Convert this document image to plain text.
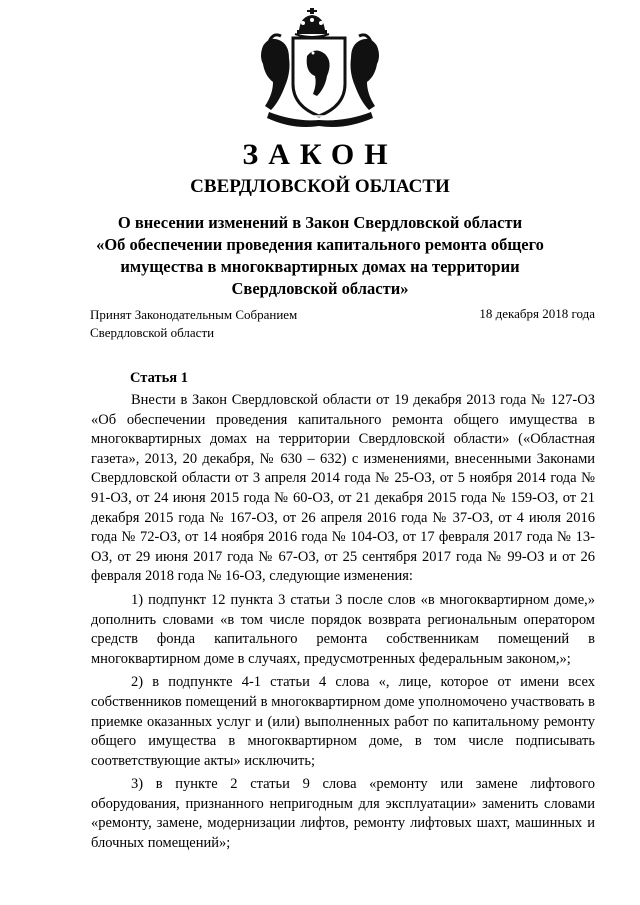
ЗАКОН
СВЕРДЛОВСКОЙ ОБЛАСТИ
О внесении изменений в Закон Свердловской области
«Об обеспечении проведения капитального ремонта общего
имущества в многоквартирных домах на территории
Свердловской области»
Принят Законодательным Собранием
Свердловской области
18 декабря 2018 года
Статья 1

Внести в Закон Свердловской области от 19 декабря 2013 года № 127-ОЗ «Об обеспечении проведения капитального ремонта общего имущества в многоквартирных домах на территории Свердловской области» («Областная газета», 2013, 20 декабря, № 630 – 632) с изменениями, внесенными Законами Свердловской области от 3 апреля 2014 года № 25-ОЗ, от 5 ноября 2014 года № 91-ОЗ, от 24 июня 2015 года № 60-ОЗ, от 21 декабря 2015 года № 159-ОЗ, от 21 декабря 2015 года № 167-ОЗ, от 26 апреля 2016 года № 37-ОЗ, от 4 июля 2016 года № 72-ОЗ, от 14 ноября 2016 года № 104-ОЗ, от 17 февраля 2017 года № 13-ОЗ, от 29 июня 2017 года № 67-ОЗ, от 25 сентября 2017 года № 99-ОЗ и от 26 февраля 2018 года № 16-ОЗ, следующие изменения:

1) подпункт 12 пункта 3 статьи 3 после слов «в многоквартирном доме,» дополнить словами «в том числе порядок возврата региональным оператором средств фонда капитального ремонта собственникам помещений в многоквартирном доме в случаях, предусмотренных федеральным законом,»;

2) в подпункте 4-1 статьи 4 слова «, лице, которое от имени всех собственников помещений в многоквартирном доме уполномочено участвовать в приемке оказанных услуг и (или) выполненных работ по капитальному ремонту общего имущества в многоквартирном доме, в том числе подписывать соответствующие акты» исключить;

3) в пункте 2 статьи 9 слова «ремонту или замене лифтового оборудования, признанного непригодным для эксплуатации» заменить словами «ремонту, замене, модернизации лифтов, ремонту лифтовых шахт, машинных и блочных помещений»;
